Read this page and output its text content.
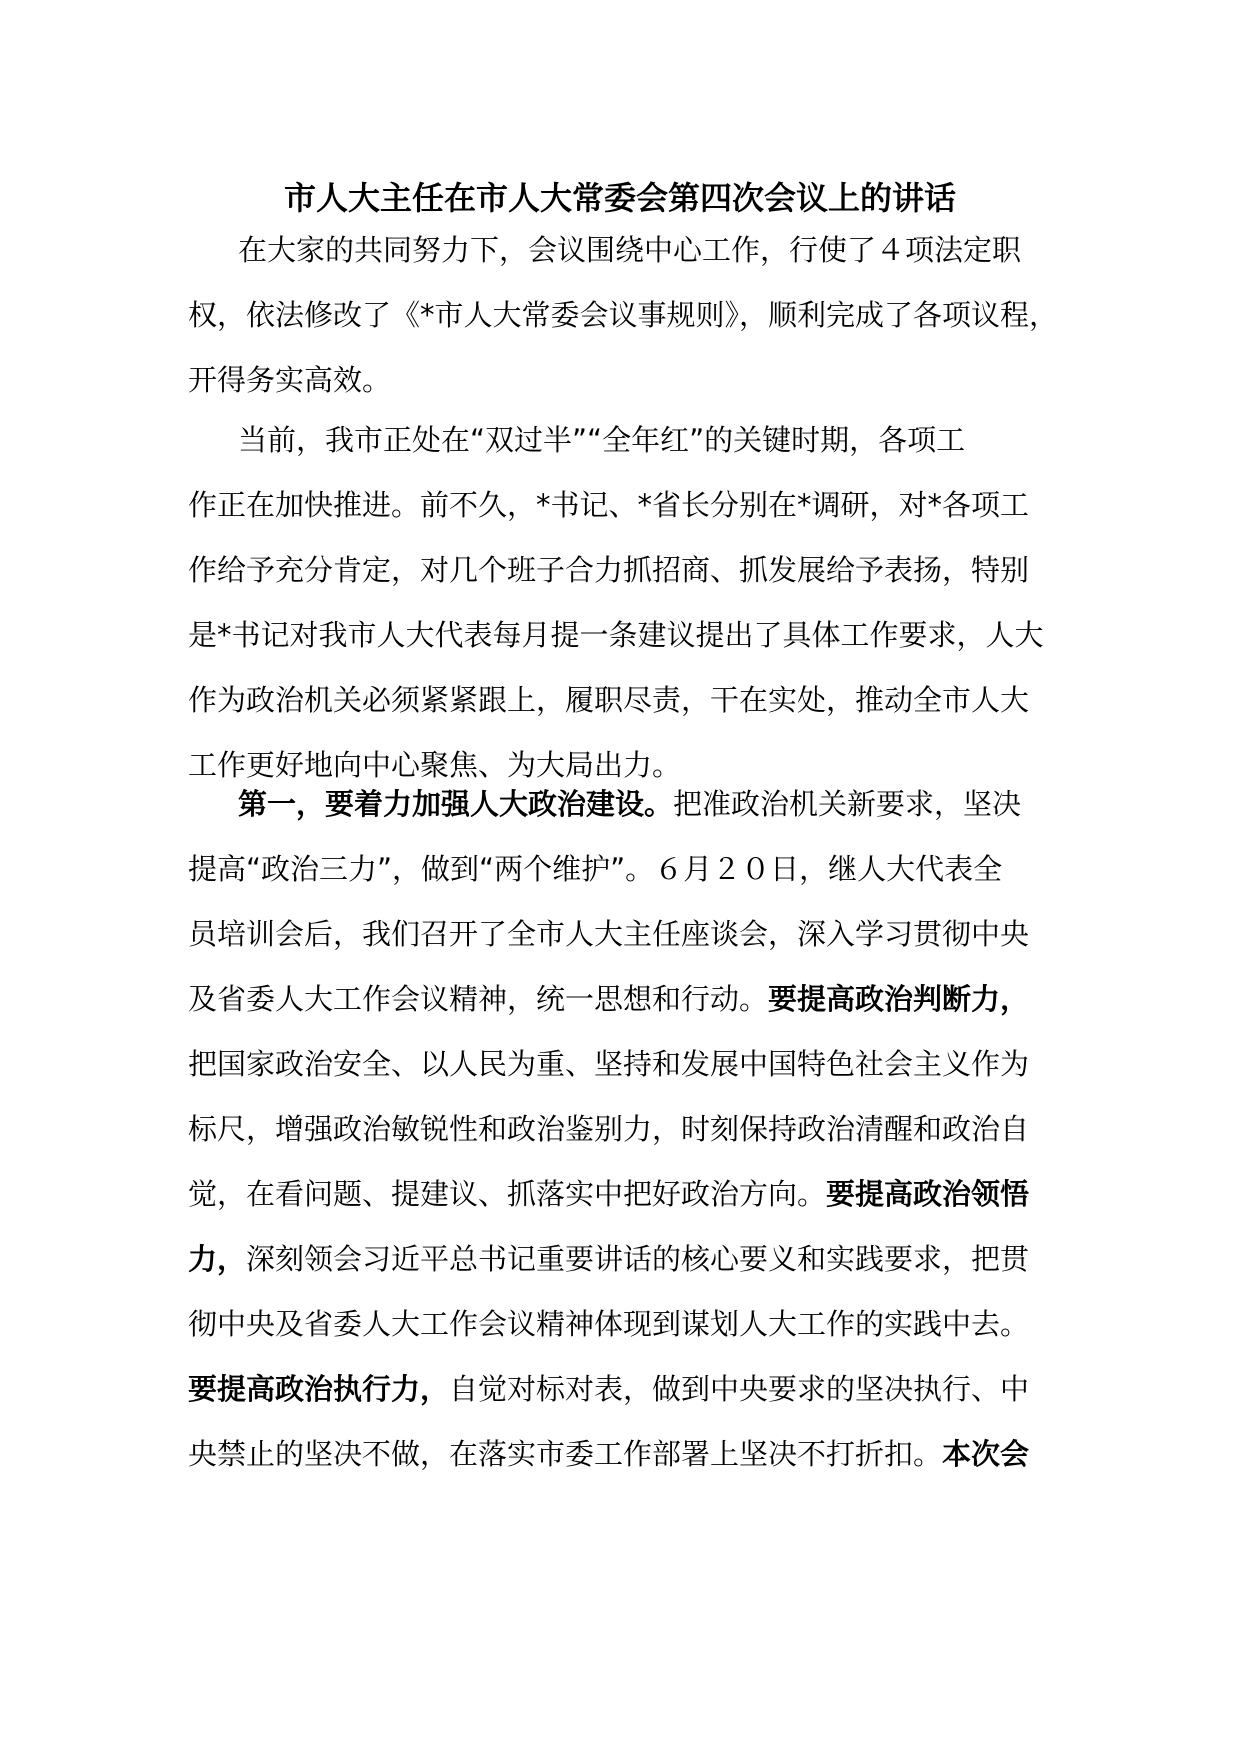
市人大主任在市人大常委会第四次会议上的讲话
在大家的共同努力下，会议围绕中心工作，行使了４项法定职
权，依法修改了《*市人大常委会议事规则》，顺利完成了各项议程，
开得务实高效。
当前，我市正处在“双过半”“全年红”的关键时期，各项工
作正在加快推进。前不久，*书记、*省长分别在*调研，对*各项工
作给予充分肯定，对几个班子合力抓招商、抓发展给予表扬，特别
是*书记对我市人大代表每月提一条建议提出了具体工作要求，人大
作为政治机关必须紧紧跟上，履职尽责，干在实处，推动全市人大
工作更好地向中心聚焦、为大局出力。
第一，要着力加强人大政治建设。把准政治机关新要求，坚决
提高“政治三力”，做到“两个维护”。６月２０日，继人大代表全
员培训会后，我们召开了全市人大主任座谈会，深入学习贯彻中央
及省委人大工作会议精神，统一思想和行动。要提高政治判断力，
把国家政治安全、以人民为重、坚持和发展中国特色社会主义作为
标尺，增强政治敏锐性和政治鉴别力，时刻保持政治清醒和政治自
觉，在看问题、提建议、抓落实中把好政治方向。要提高政治领悟
力，深刻领会习近平总书记重要讲话的核心要义和实践要求，把贯
彻中央及省委人大工作会议精神体现到谋划人大工作的实践中去。
要提高政治执行力，自觉对标对表，做到中央要求的坚决执行、中
央禁止的坚决不做，在落实市委工作部署上坚决不打折扣。本次会
